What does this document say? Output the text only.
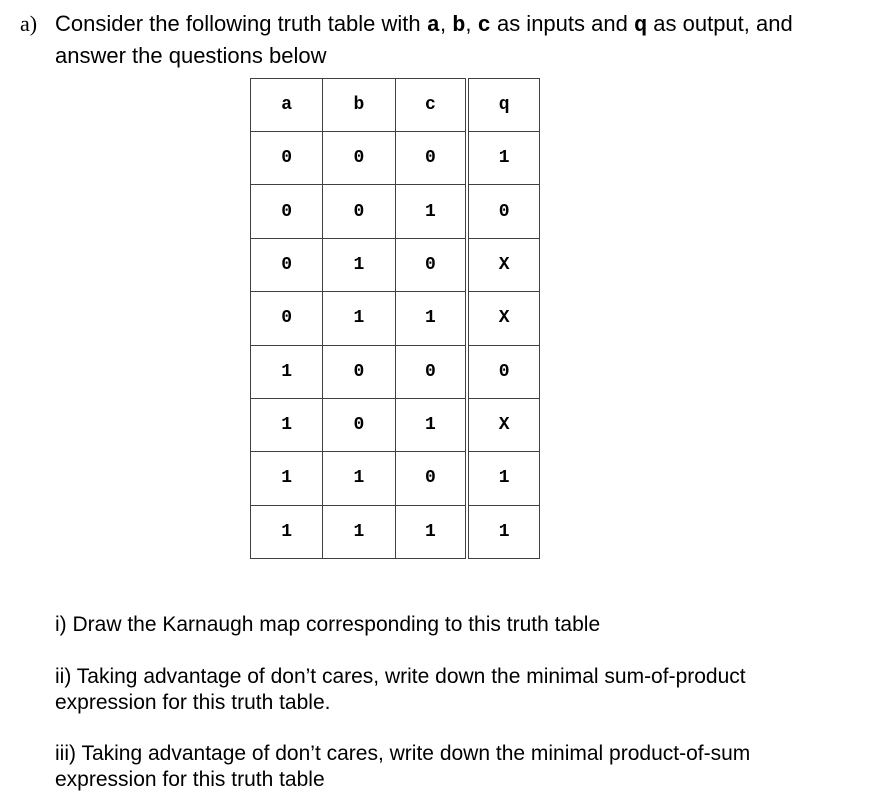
a) Consider the following truth table with a, b, c as inputs and q as output, and answer the questions below
a	b	c	q
0	0	0	1
0	0	1	0
0	1	0	X
0	1	1	X
1	0	0	0
1	0	1	X
1	1	0	1
1	1	1	1
i) Draw the Karnaugh map corresponding to this truth table
ii) Taking advantage of don’t cares, write down the minimal sum-of-product expression for this truth table.
iii) Taking advantage of don’t cares, write down the minimal product-of-sum expression for this truth table
